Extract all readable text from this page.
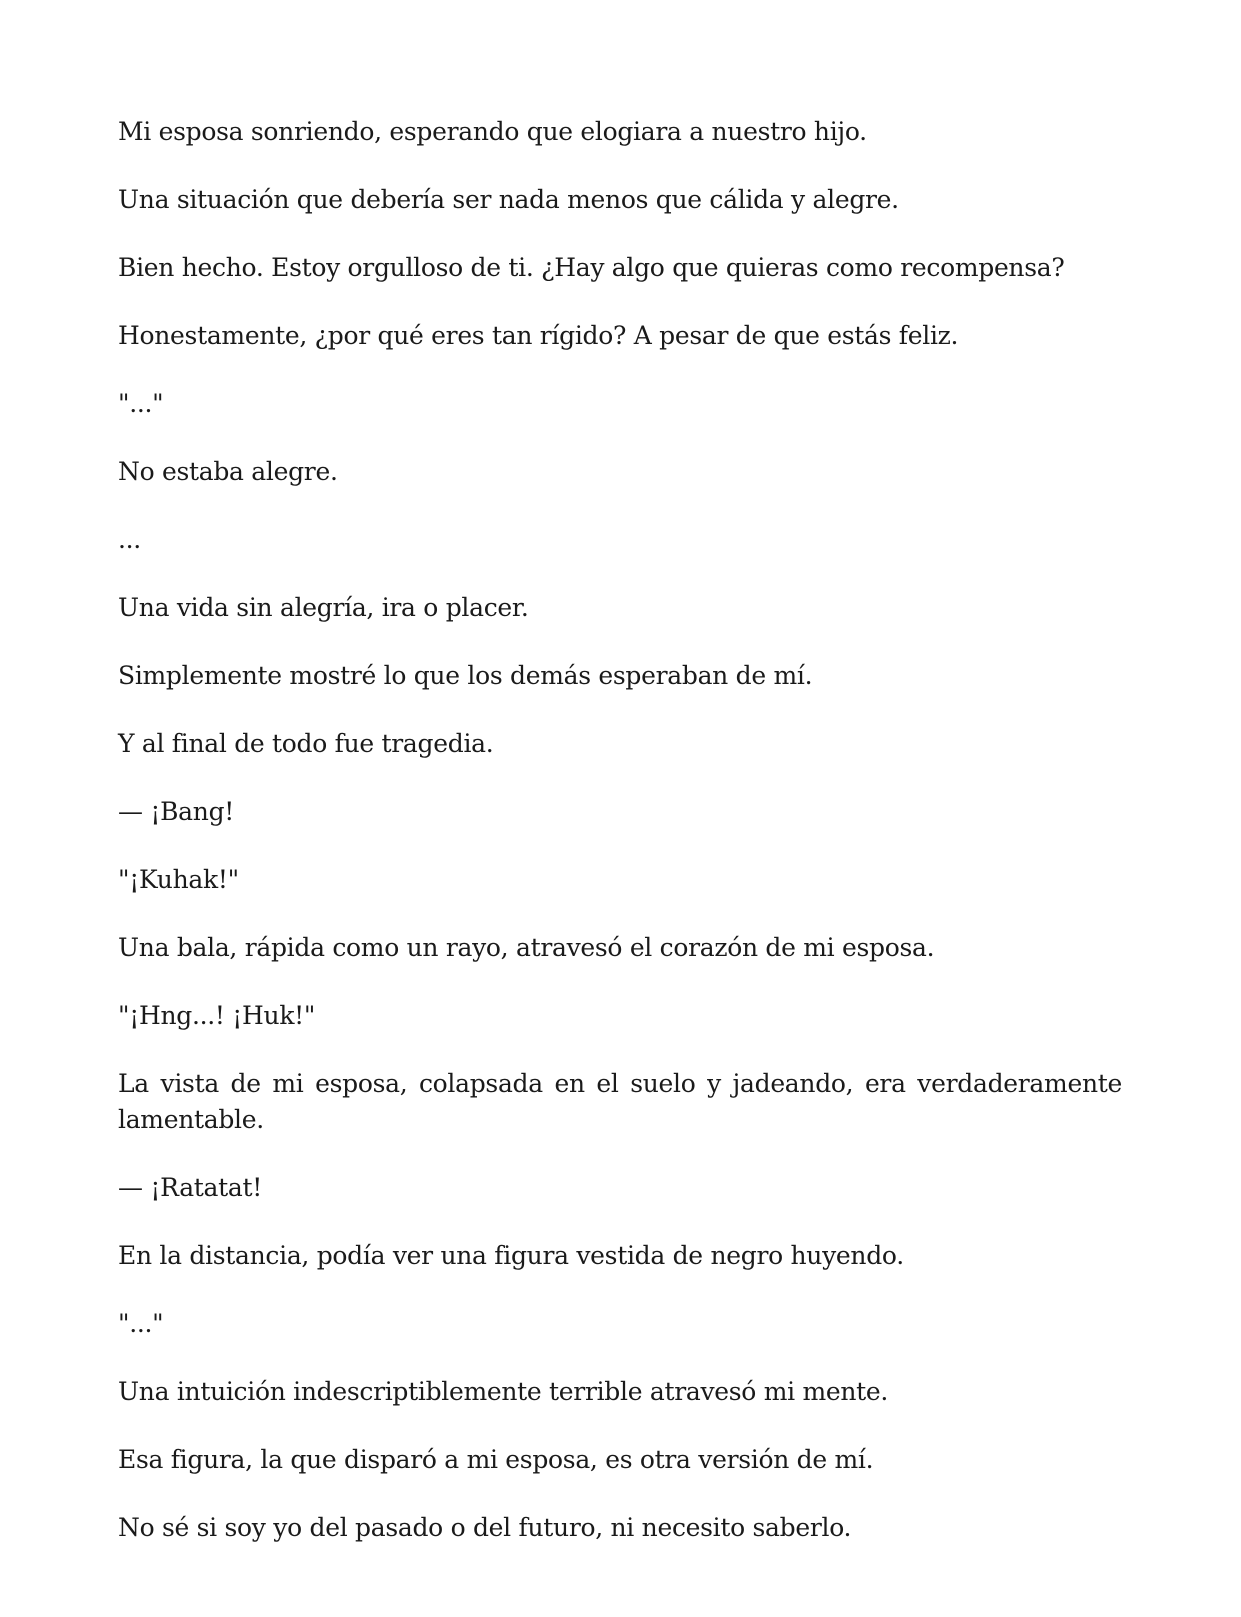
Mi esposa sonriendo, esperando que elogiara a nuestro hijo.

Una situación que debería ser nada menos que cálida y alegre.

Bien hecho. Estoy orgulloso de ti. ¿Hay algo que quieras como recompensa?

Honestamente, ¿por qué eres tan rígido? A pesar de que estás feliz.

"..."

No estaba alegre.

...

Una vida sin alegría, ira o placer.

Simplemente mostré lo que los demás esperaban de mí.

Y al final de todo fue tragedia.

— ¡Bang!

"¡Kuhak!"

Una bala, rápida como un rayo, atravesó el corazón de mi esposa.

"¡Hng...! ¡Huk!"

La vista de mi esposa, colapsada en el suelo y jadeando, era verdaderamente lamentable.

— ¡Ratatat!

En la distancia, podía ver una figura vestida de negro huyendo.

"..."

Una intuición indescriptiblemente terrible atravesó mi mente.

Esa figura, la que disparó a mi esposa, es otra versión de mí.

No sé si soy yo del pasado o del futuro, ni necesito saberlo.
